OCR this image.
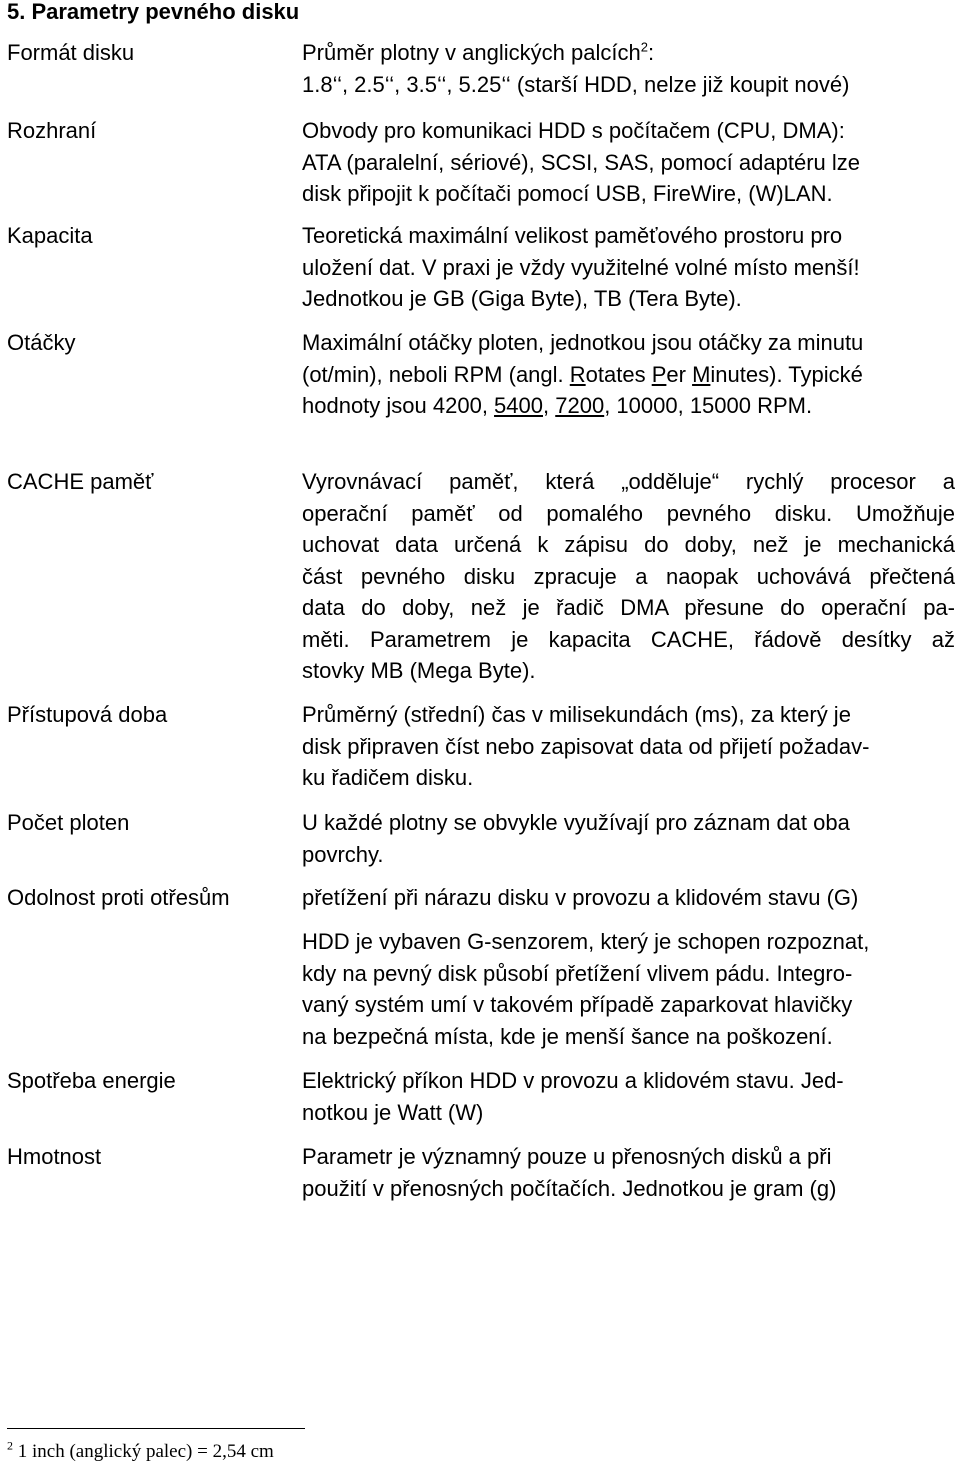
5. Parametry pevného disku
Formát disku	Průměr plotny v anglických palcích$^2$:
1.8‘‘, 2.5‘‘, 3.5‘‘, 5.25‘‘ (starší HDD, nelze již koupit nové)
Rozhraní	Obvody pro komunikaci HDD s počítačem (CPU, DMA):
ATA (paralelní, sériové), SCSI, SAS, pomocí adaptéru lze
disk připojit k počítači pomocí USB, FireWire, (W)LAN.
Kapacita	Teoretická maximální velikost paměťového prostoru pro
uložení dat. V praxi je vždy využitelné volné místo menší!
Jednotkou je GB (Giga Byte), TB (Tera Byte).
Otáčky	Maximální otáčky ploten, jednotkou jsou otáčky za minutu
(ot/min), neboli RPM (angl. Rotates Per Minutes). Typické
hodnoty jsou 4200, 5400, 7200, 10000, 15000 RPM.
CACHE paměť	Vyrovnávací paměť, která „odděluje“ rychlý procesor a
operační paměť od pomalého pevného disku. Umožňuje
uchovat data určená k zápisu do doby, než je mechanická
část pevného disku zpracuje a naopak uchovává přečtená
data do doby, než je řadič DMA přesune do operační pa-
měti. Parametrem je kapacita CACHE, řádově desítky až
stovky MB (Mega Byte).
Přístupová doba	Průměrný (střední) čas v milisekundách (ms), za který je
disk připraven číst nebo zapisovat data od přijetí požadav-
ku řadičem disku.
Počet ploten	U každé plotny se obvykle využívají pro záznam dat oba
povrchy.
Odolnost proti otřesům	přetížení při nárazu disku v provozu a klidovém stavu (G)
HDD je vybaven G-senzorem, který je schopen rozpoznat,
kdy na pevný disk působí přetížení vlivem pádu. Integro-
vaný systém umí v takovém případě zaparkovat hlavičky
na bezpečná místa, kde je menší šance na poškození.
Spotřeba energie	Elektrický příkon HDD v provozu a klidovém stavu. Jed-
notkou je Watt (W)
Hmotnost	Parametr je významný pouze u přenosných disků a při
použití v přenosných počítačích. Jednotkou je gram (g)
$^2$ 1 inch (anglický palec) = 2,54 cm
